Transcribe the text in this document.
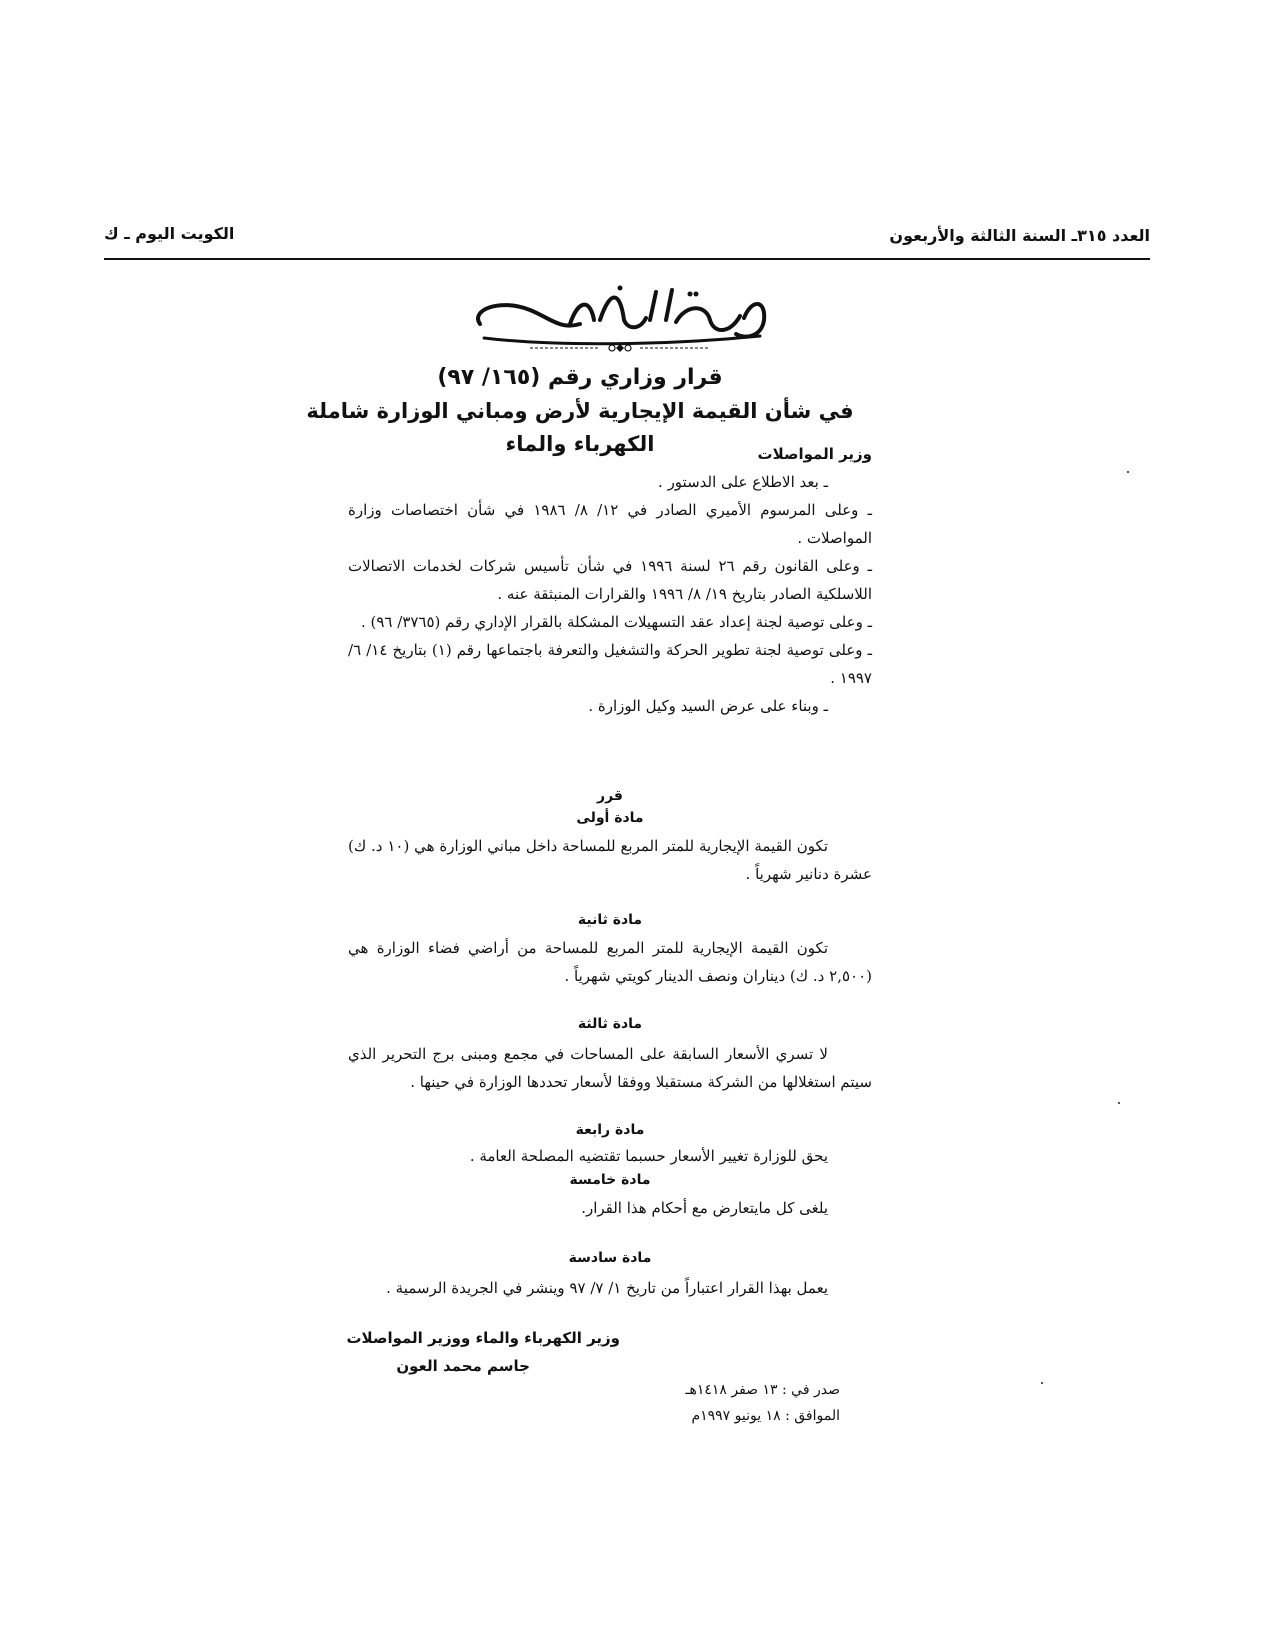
العدد ٣١٥ـ السنة الثالثة والأربعون
الكويت اليوم ـ ك
قرار وزاري رقم (١٦٥/ ٩٧)
في شأن القيمة الإيجارية لأرض ومباني الوزارة شاملة
الكهرباء والماء	وزير المواصلات

ـ بعد الاطلاع على الدستور .

ـ وعلى المرسوم الأميري الصادر في ١٢/ ٨/ ١٩٨٦ في شأن اختصاصات وزارة المواصلات .

ـ وعلى القانون رقم ٢٦ لسنة ١٩٩٦ في شأن تأسيس شركات لخدمات الاتصالات اللاسلكية الصادر بتاريخ ١٩/ ٨/ ١٩٩٦ والقرارات المنبثقة عنه .

ـ وعلى توصية لجنة إعداد عقد التسهيلات المشكلة بالقرار الإداري رقم (٣٧٦٥/ ٩٦) .

ـ وعلى توصية لجنة تطوير الحركة والتشغيل والتعرفة باجتماعها رقم (١) بتاريخ ١٤/ ٦/ ١٩٩٧ .

ـ وبناء على عرض السيد وكيل الوزارة .

قرر
مادة أولى
تكون القيمة الإيجارية للمتر المربع للمساحة داخل مباني الوزارة هي (١٠ د. ك) عشرة دنانير شهرياً .
مادة ثانية
تكون القيمة الإيجارية للمتر المربع للمساحة من أراضي فضاء الوزارة هي (٢,٥٠٠ د. ك) ديناران ونصف الدينار كويتي شهرياً .
مادة ثالثة
لا تسري الأسعار السابقة على المساحات في مجمع ومبنى برج التحرير الذي سيتم استغلالها من الشركة مستقبلا ووفقا لأسعار تحددها الوزارة في حينها .
مادة رابعة
يحق للوزارة تغيير الأسعار حسبما تقتضيه المصلحة العامة .
مادة خامسة
يلغى كل مايتعارض مع أحكام هذا القرار.
مادة سادسة
يعمل بهذا القرار اعتباراً من تاريخ ١/ ٧/ ٩٧ وينشر في الجريدة الرسمية .
وزير الكهرباء والماء ووزير المواصلات
جاسم محمد العون
صدر في : ١٣ صفر ١٤١٨هـ
الموافق : ١٨ يونيو ١٩٩٧م
